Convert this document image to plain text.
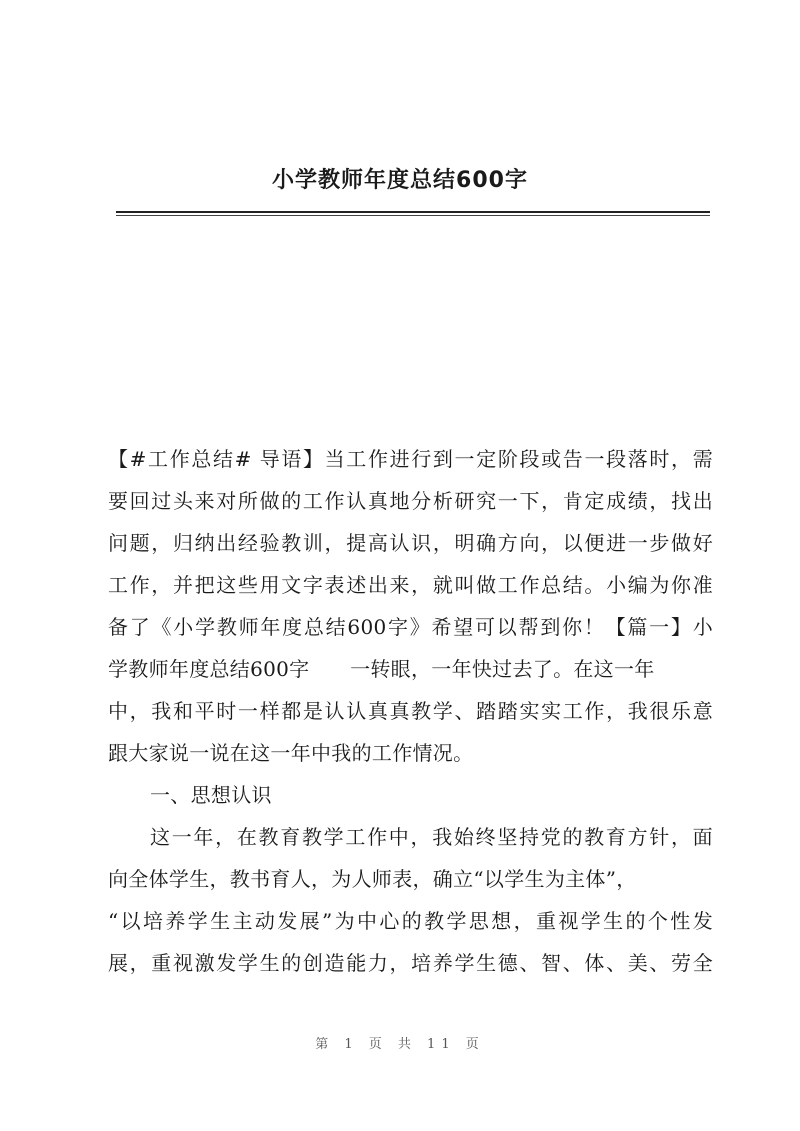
小学教师年度总结600字
【#工作总结# 导语】当工作进行到一定阶段或告一段落时，需
要回过头来对所做的工作认真地分析研究一下，肯定成绩，找出
问题，归纳出经验教训，提高认识，明确方向，以便进一步做好
工作，并把这些用文字表述出来，就叫做工作总结。小编为你准
备了《小学教师年度总结600字》希望可以帮到你！【篇一】小
学教师年度总结600字　　一转眼，一年快过去了。在这一年
中，我和平时一样都是认认真真教学、踏踏实实工作，我很乐意
跟大家说一说在这一年中我的工作情况。
一、思想认识
这一年，在教育教学工作中，我始终坚持党的教育方针，面
向全体学生，教书育人，为人师表，确立“以学生为主体”，
“以培养学生主动发展”为中心的教学思想，重视学生的个性发
展，重视激发学生的创造能力，培养学生德、智、体、美、劳全
第 1 页 共 11 页
